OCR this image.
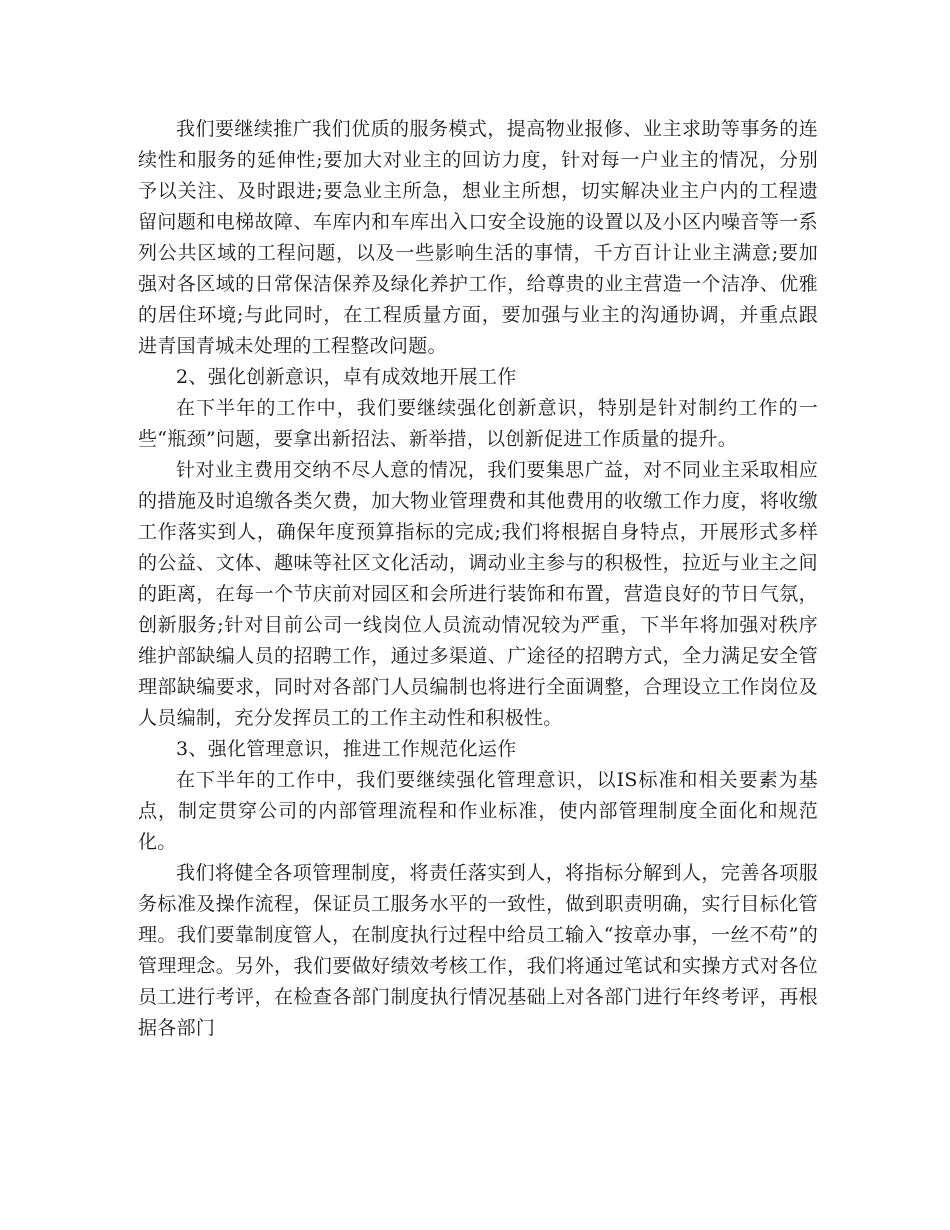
我们要继续推广我们优质的服务模式，提高物业报修、业主求助等事务的连续性和服务的延伸性;要加大对业主的回访力度，针对每一户业主的情况，分别予以关注、及时跟进;要急业主所急，想业主所想，切实解决业主户内的工程遗留问题和电梯故障、车库内和车库出入口安全设施的设置以及小区内噪音等一系列公共区域的工程问题，以及一些影响生活的事情，千方百计让业主满意;要加强对各区域的日常保洁保养及绿化养护工作，给尊贵的业主营造一个洁净、优雅的居住环境;与此同时，在工程质量方面，要加强与业主的沟通协调，并重点跟进青国青城未处理的工程整改问题。

2、强化创新意识，卓有成效地开展工作

在下半年的工作中，我们要继续强化创新意识，特别是针对制约工作的一些“瓶颈”问题，要拿出新招法、新举措，以创新促进工作质量的提升。

针对业主费用交纳不尽人意的情况，我们要集思广益，对不同业主采取相应的措施及时追缴各类欠费，加大物业管理费和其他费用的收缴工作力度，将收缴工作落实到人，确保年度预算指标的完成;我们将根据自身特点，开展形式多样的公益、文体、趣味等社区文化活动，调动业主参与的积极性，拉近与业主之间的距离，在每一个节庆前对园区和会所进行装饰和布置，营造良好的节日气氛，创新服务;针对目前公司一线岗位人员流动情况较为严重，下半年将加强对秩序维护部缺编人员的招聘工作，通过多渠道、广途径的招聘方式，全力满足安全管理部缺编要求，同时对各部门人员编制也将进行全面调整，合理设立工作岗位及人员编制，充分发挥员工的工作主动性和积极性。

3、强化管理意识，推进工作规范化运作

在下半年的工作中，我们要继续强化管理意识，以IS标准和相关要素为基点，制定贯穿公司的内部管理流程和作业标准，使内部管理制度全面化和规范化。

我们将健全各项管理制度，将责任落实到人，将指标分解到人，完善各项服务标准及操作流程，保证员工服务水平的一致性，做到职责明确，实行目标化管理。我们要靠制度管人，在制度执行过程中给员工输入“按章办事，一丝不苟”的管理理念。另外，我们要做好绩效考核工作，我们将通过笔试和实操方式对各位员工进行考评，在检查各部门制度执行情况基础上对各部门进行年终考评，再根据各部门
